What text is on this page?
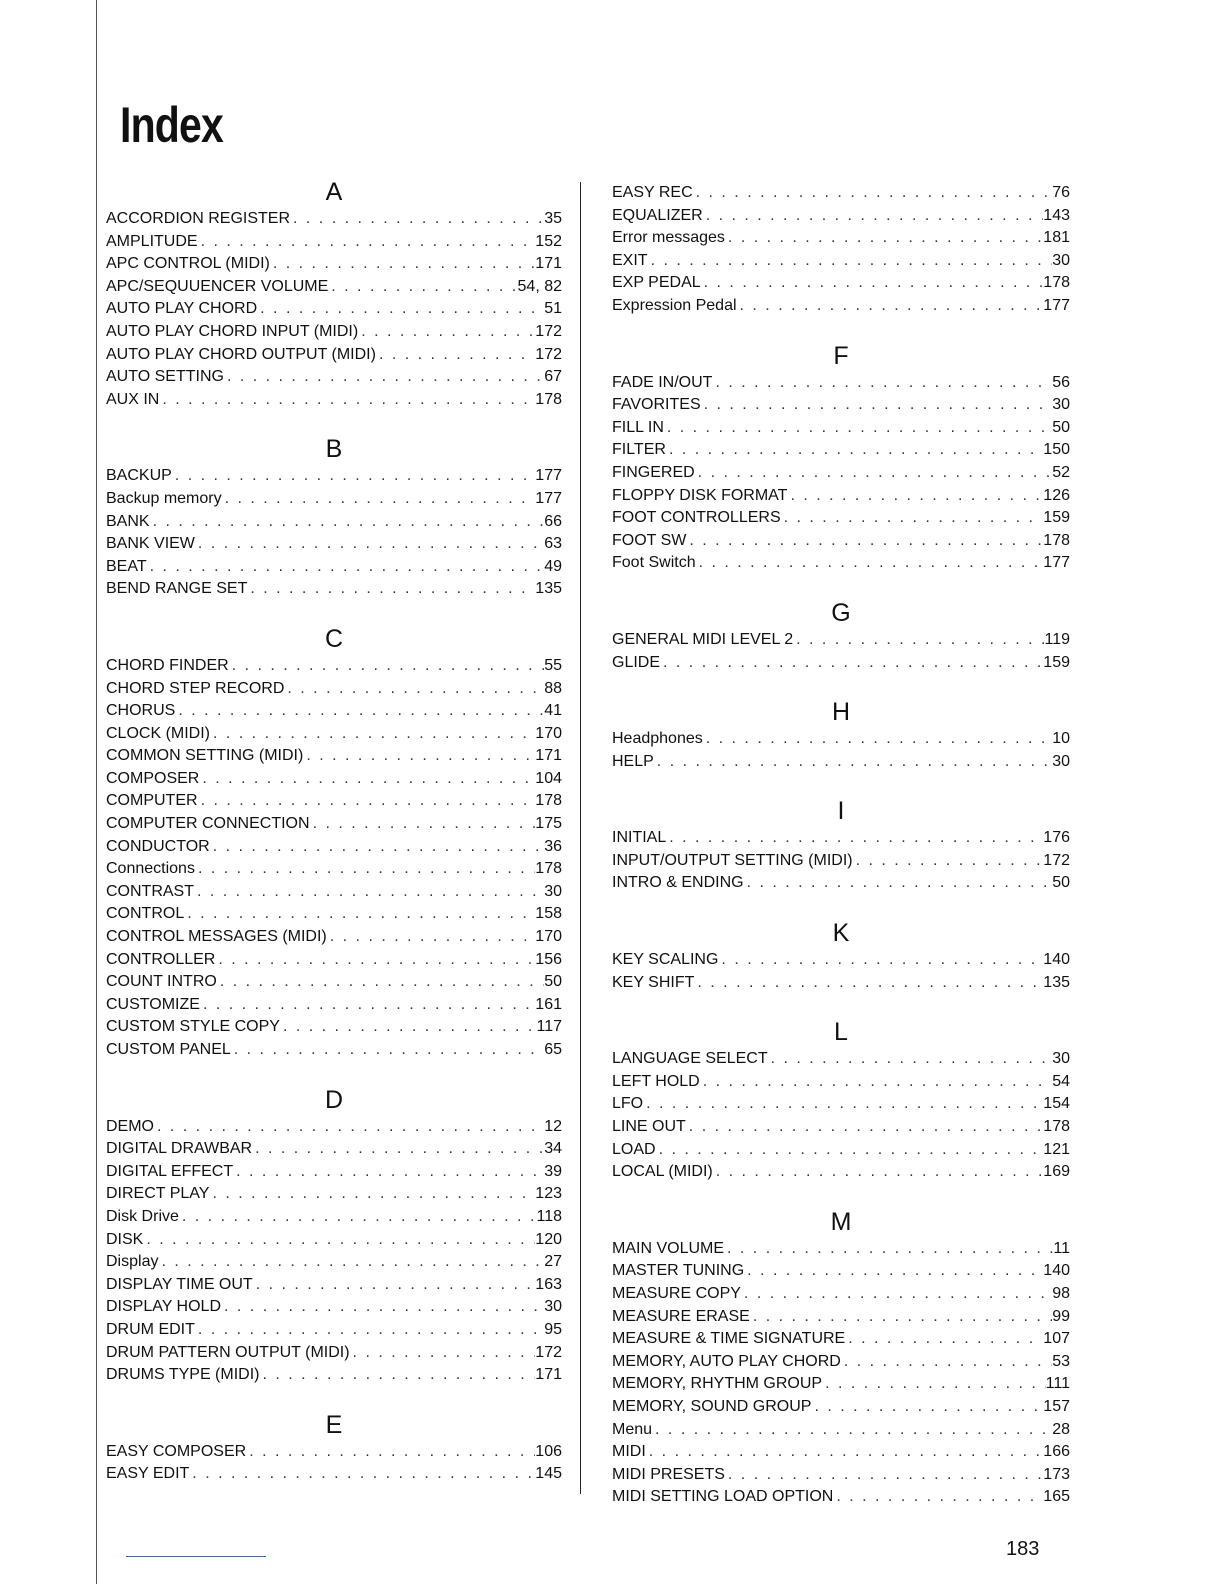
Index
A
ACCORDION REGISTER . . .	35
AMPLITUDE . . .	152
APC CONTROL (MIDI) . . .	171
APC/SEQUUENCER VOLUME . . .	54, 82
AUTO PLAY CHORD . . .	51
AUTO PLAY CHORD INPUT (MIDI) . . .	172
AUTO PLAY CHORD OUTPUT (MIDI) . . .	172
AUTO SETTING . . .	67
AUX IN . . .	178
B
BACKUP . . .	177
Backup memory . . .	177
BANK . . .	66
BANK VIEW . . .	63
BEAT . . .	49
BEND RANGE SET . . .	135
C
CHORD FINDER . . .	55
CHORD STEP RECORD . . .	88
CHORUS . . .	41
CLOCK (MIDI) . . .	170
COMMON SETTING (MIDI) . . .	171
COMPOSER . . .	104
COMPUTER . . .	178
COMPUTER CONNECTION . . .	175
CONDUCTOR . . .	36
Connections . . .	178
CONTRAST . . .	30
CONTROL . . .	158
CONTROL MESSAGES (MIDI) . . .	170
CONTROLLER . . .	156
COUNT INTRO . . .	50
CUSTOMIZE . . .	161
CUSTOM STYLE COPY . . .	117
CUSTOM PANEL . . .	65
D
DEMO . . .	12
DIGITAL DRAWBAR . . .	34
DIGITAL EFFECT . . .	39
DIRECT PLAY . . .	123
Disk Drive . . .	118
DISK . . .	120
Display . . .	27
DISPLAY TIME OUT . . .	163
DISPLAY HOLD . . .	30
DRUM EDIT . . .	95
DRUM PATTERN OUTPUT (MIDI) . . .	172
DRUMS TYPE (MIDI) . . .	171
E
EASY COMPOSER . . .	106
EASY EDIT . . .	145
EASY REC . . .	76
EQUALIZER . . .	143
Error messages . . .	181
EXIT . . .	30
EXP PEDAL . . .	178
Expression Pedal . . .	177
F
FADE IN/OUT . . .	56
FAVORITES . . .	30
FILL IN . . .	50
FILTER . . .	150
FINGERED . . .	52
FLOPPY DISK FORMAT . . .	126
FOOT CONTROLLERS . . .	159
FOOT SW . . .	178
Foot Switch . . .	177
G
GENERAL MIDI LEVEL 2 . . .	119
GLIDE . . .	159
H
Headphones . . .	10
HELP . . .	30
I
INITIAL . . .	176
INPUT/OUTPUT SETTING (MIDI) . . .	172
INTRO & ENDING . . .	50
K
KEY SCALING . . .	140
KEY SHIFT . . .	135
L
LANGUAGE SELECT . . .	30
LEFT HOLD . . .	54
LFO . . .	154
LINE OUT . . .	178
LOAD . . .	121
LOCAL (MIDI) . . .	169
M
MAIN VOLUME . . .	11
MASTER TUNING . . .	140
MEASURE COPY . . .	98
MEASURE ERASE . . .	99
MEASURE & TIME SIGNATURE . . .	107
MEMORY, AUTO PLAY CHORD . . .	53
MEMORY, RHYTHM GROUP . . .	111
MEMORY, SOUND GROUP . . .	157
Menu . . .	28
MIDI . . .	166
MIDI PRESETS . . .	173
MIDI SETTING LOAD OPTION . . .	165
183
